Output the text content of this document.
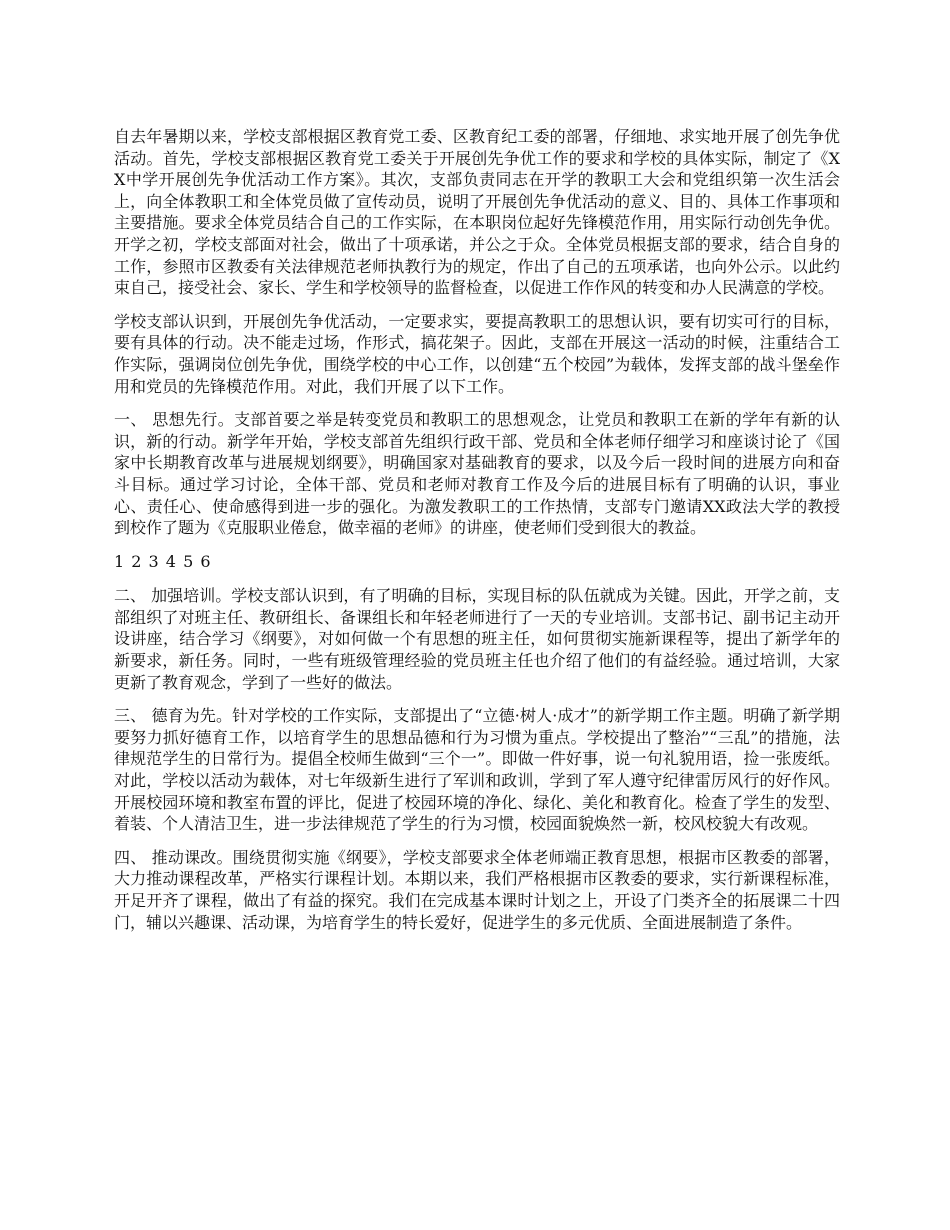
自去年暑期以来，学校支部根据区教育党工委、区教育纪工委的部署，仔细地、求实地开展了创先争优活动。首先，学校支部根据区教育党工委关于开展创先争优工作的要求和学校的具体实际，制定了《XX中学开展创先争优活动工作方案》。其次，支部负责同志在开学的教职工大会和党组织第一次生活会上，向全体教职工和全体党员做了宣传动员，说明了开展创先争优活动的意义、目的、具体工作事项和主要措施。要求全体党员结合自己的工作实际，在本职岗位起好先锋模范作用，用实际行动创先争优。开学之初，学校支部面对社会，做出了十项承诺，并公之于众。全体党员根据支部的要求，结合自身的工作，参照市区教委有关法律规范老师执教行为的规定，作出了自己的五项承诺，也向外公示。以此约束自己，接受社会、家长、学生和学校领导的监督检查，以促进工作作风的转变和办人民满意的学校。

学校支部认识到，开展创先争优活动，一定要求实，要提高教职工的思想认识，要有切实可行的目标，要有具体的行动。决不能走过场，作形式，搞花架子。因此，支部在开展这一活动的时候，注重结合工作实际，强调岗位创先争优，围绕学校的中心工作，以创建“五个校园”为载体，发挥支部的战斗堡垒作用和党员的先锋模范作用。对此，我们开展了以下工作。

一、 思想先行。支部首要之举是转变党员和教职工的思想观念，让党员和教职工在新的学年有新的认识，新的行动。新学年开始，学校支部首先组织行政干部、党员和全体老师仔细学习和座谈讨论了《国家中长期教育改革与进展规划纲要》，明确国家对基础教育的要求，以及今后一段时间的进展方向和奋斗目标。通过学习讨论，全体干部、党员和老师对教育工作及今后的进展目标有了明确的认识，事业心、责任心、使命感得到进一步的强化。为激发教职工的工作热情，支部专门邀请XX政法大学的教授到校作了题为《克服职业倦怠，做幸福的老师》的讲座，使老师们受到很大的教益。

1 2 3 4 5 6

二、 加强培训。学校支部认识到，有了明确的目标，实现目标的队伍就成为关键。因此，开学之前，支部组织了对班主任、教研组长、备课组长和年轻老师进行了一天的专业培训。支部书记、副书记主动开设讲座，结合学习《纲要》，对如何做一个有思想的班主任，如何贯彻实施新课程等，提出了新学年的新要求，新任务。同时，一些有班级管理经验的党员班主任也介绍了他们的有益经验。通过培训，大家更新了教育观念，学到了一些好的做法。

三、 德育为先。针对学校的工作实际，支部提出了“立德·树人·成才”的新学期工作主题。明确了新学期要努力抓好德育工作，以培育学生的思想品德和行为习惯为重点。学校提出了整治”“三乱”的措施，法律规范学生的日常行为。提倡全校师生做到“三个一”。即做一件好事，说一句礼貌用语，捡一张废纸。对此，学校以活动为载体，对七年级新生进行了军训和政训，学到了军人遵守纪律雷厉风行的好作风。开展校园环境和教室布置的评比，促进了校园环境的净化、绿化、美化和教育化。检查了学生的发型、着装、个人清洁卫生，进一步法律规范了学生的行为习惯，校园面貌焕然一新，校风校貌大有改观。

四、 推动课改。围绕贯彻实施《纲要》，学校支部要求全体老师端正教育思想，根据市区教委的部署，大力推动课程改革，严格实行课程计划。本期以来，我们严格根据市区教委的要求，实行新课程标准，开足开齐了课程，做出了有益的探究。我们在完成基本课时计划之上，开设了门类齐全的拓展课二十四门，辅以兴趣课、活动课，为培育学生的特长爱好，促进学生的多元优质、全面进展制造了条件。
